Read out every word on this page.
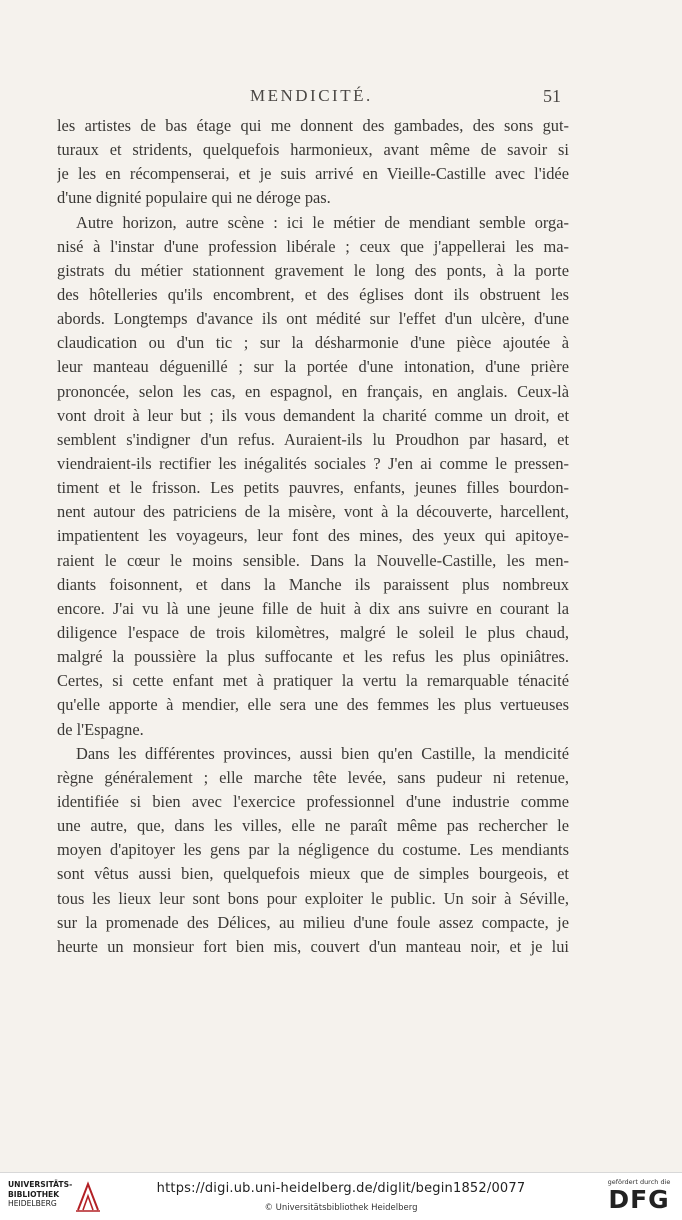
MENDICITÉ.	51
les artistes de bas étage qui me donnent des gambades, des sons gut-
turaux et stridents, quelquefois harmonieux, avant même de savoir si
je les en récompenserai, et je suis arrivé en Vieille-Castille avec l'idée
d'une dignité populaire qui ne déroge pas.
Autre horizon, autre scène : ici le métier de mendiant semble orga-
nisé à l'instar d'une profession libérale ; ceux que j'appellerai les ma-
gistrats du métier stationnent gravement le long des ponts, à la porte
des hôtelleries qu'ils encombrent, et des églises dont ils obstruent les
abords. Longtemps d'avance ils ont médité sur l'effet d'un ulcère, d'une
claudication ou d'un tic ; sur la désharmonie d'une pièce ajoutée à
leur manteau déguenillé ; sur la portée d'une intonation, d'une prière
prononcée, selon les cas, en espagnol, en français, en anglais. Ceux-là
vont droit à leur but ; ils vous demandent la charité comme un droit, et
semblent s'indigner d'un refus. Auraient-ils lu Proudhon par hasard, et
viendraient-ils rectifier les inégalités sociales ? J'en ai comme le pressen-
timent et le frisson. Les petits pauvres, enfants, jeunes filles bourdon-
nent autour des patriciens de la misère, vont à la découverte, harcellent,
impatientent les voyageurs, leur font des mines, des yeux qui apitoye-
raient le cœur le moins sensible. Dans la Nouvelle-Castille, les men-
diants foisonnent, et dans la Manche ils paraissent plus nombreux
encore. J'ai vu là une jeune fille de huit à dix ans suivre en courant la
diligence l'espace de trois kilomètres, malgré le soleil le plus chaud,
malgré la poussière la plus suffocante et les refus les plus opiniâtres.
Certes, si cette enfant met à pratiquer la vertu la remarquable ténacité
qu'elle apporte à mendier, elle sera une des femmes les plus vertueuses
de l'Espagne.
Dans les différentes provinces, aussi bien qu'en Castille, la mendicité
règne généralement ; elle marche tête levée, sans pudeur ni retenue,
identifiée si bien avec l'exercice professionnel d'une industrie comme
une autre, que, dans les villes, elle ne paraît même pas rechercher le
moyen d'apitoyer les gens par la négligence du costume. Les mendiants
sont vêtus aussi bien, quelquefois mieux que de simples bourgeois, et
tous les lieux leur sont bons pour exploiter le public. Un soir à Séville,
sur la promenade des Délices, au milieu d'une foule assez compacte, je
heurte un monsieur fort bien mis, couvert d'un manteau noir, et je lui
UNIVERSITÄTS-
BIBLIOTHEK
HEIDELBERG
https://digi.ub.uni-heidelberg.de/diglit/begin1852/0077
© Universitätsbibliothek Heidelberg
gefördert durch die
DFG
